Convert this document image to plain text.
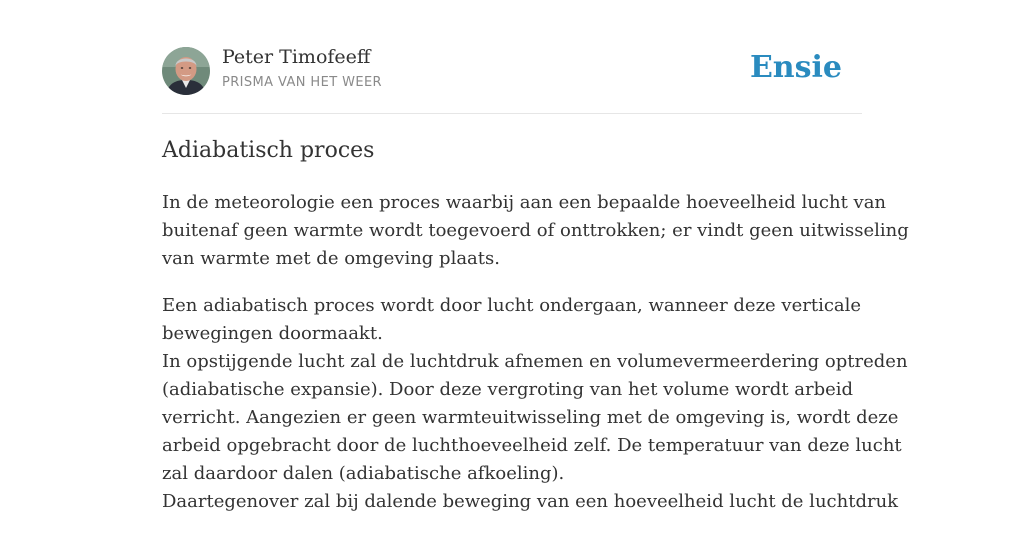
Peter Timofeeff
PRISMA VAN HET WEER	Ensie
Adiabatisch proces

In de meteorologie een proces waarbij aan een bepaalde hoeveelheid lucht van
buitenaf geen warmte wordt toegevoerd of onttrokken; er vindt geen uitwisseling
van warmte met de omgeving plaats.

Een adiabatisch proces wordt door lucht ondergaan, wanneer deze verticale
bewegingen doormaakt.
In opstijgende lucht zal de luchtdruk afnemen en volumevermeerdering optreden
(adiabatische expansie). Door deze vergroting van het volume wordt arbeid
verricht. Aangezien er geen warmteuitwisseling met de omgeving is, wordt deze
arbeid opgebracht door de luchthoeveelheid zelf. De temperatuur van deze lucht
zal daardoor dalen (adiabatische afkoeling).
Daartegenover zal bij dalende beweging van een hoeveelheid lucht de luchtdruk
